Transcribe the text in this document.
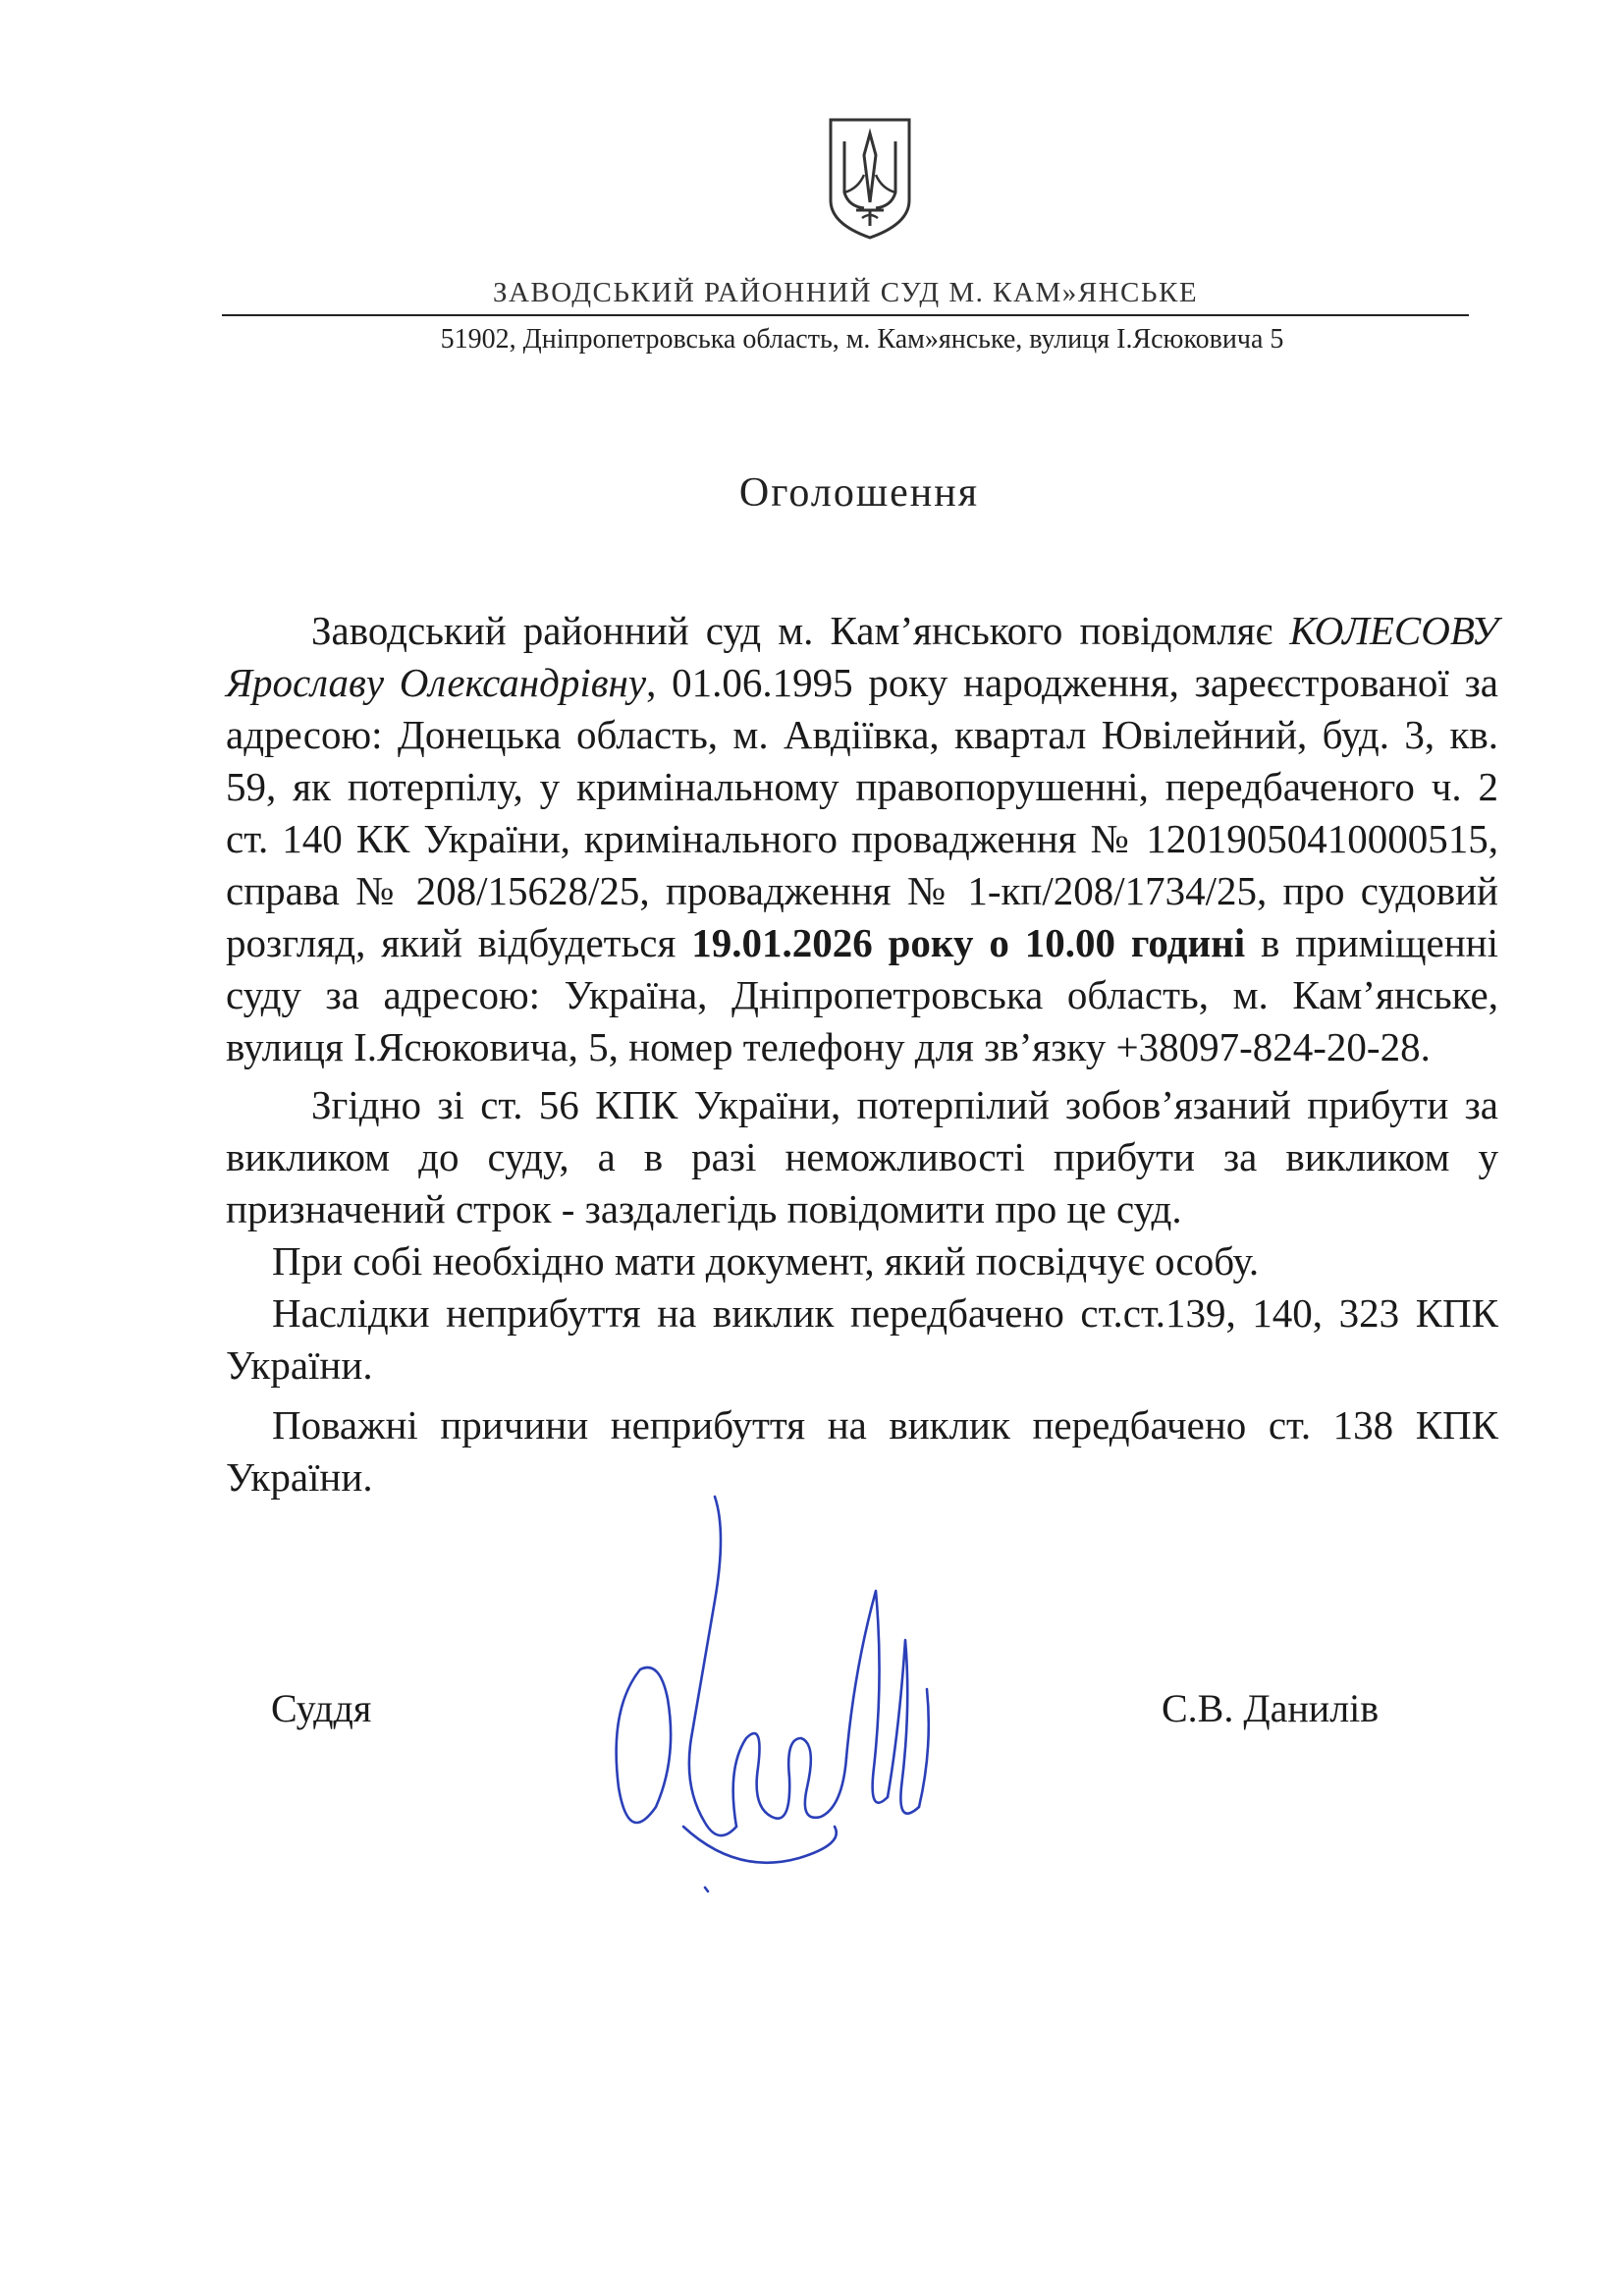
ЗАВОДСЬКИЙ РАЙОННИЙ СУД М. КАМ»ЯНСЬКЕ
51902, Дніпропетровська область, м. Кам»янське, вулиця І.Ясюковича 5
Оголошення

Заводський районний суд м. Кам’янського повідомляє КОЛЕСОВУ Ярославу Олександрівну, 01.06.1995 року народження, зареєстрованої за адресою: Донецька область, м. Авдіївка, квартал Ювілейний, буд. 3, кв. 59, як потерпілу, у кримінальному правопорушенні, передбаченого ч. 2 ст. 140 КК України, кримінального провадження № 12019050410000515, справа № 208/15628/25, провадження № 1-кп/208/1734/25, про судовий розгляд, який відбудеться 19.01.2026 року о 10.00 годині в приміщенні суду за адресою: Україна, Дніпропетровська область, м. Кам’янське, вулиця І.Ясюковича, 5, номер телефону для зв’язку +38097-824-20-28.

Згідно зі ст. 56 КПК України, потерпілий зобов’язаний прибути за викликом до суду, а в разі неможливості прибути за викликом у призначений строк - заздалегідь повідомити про це суд.

При собі необхідно мати документ, який посвідчує особу.

Наслідки неприбуття на виклик передбачено ст.ст.139, 140, 323 КПК України.

Поважні причини неприбуття на виклик передбачено ст. 138 КПК України.

Суддя	С.В. Данилів
